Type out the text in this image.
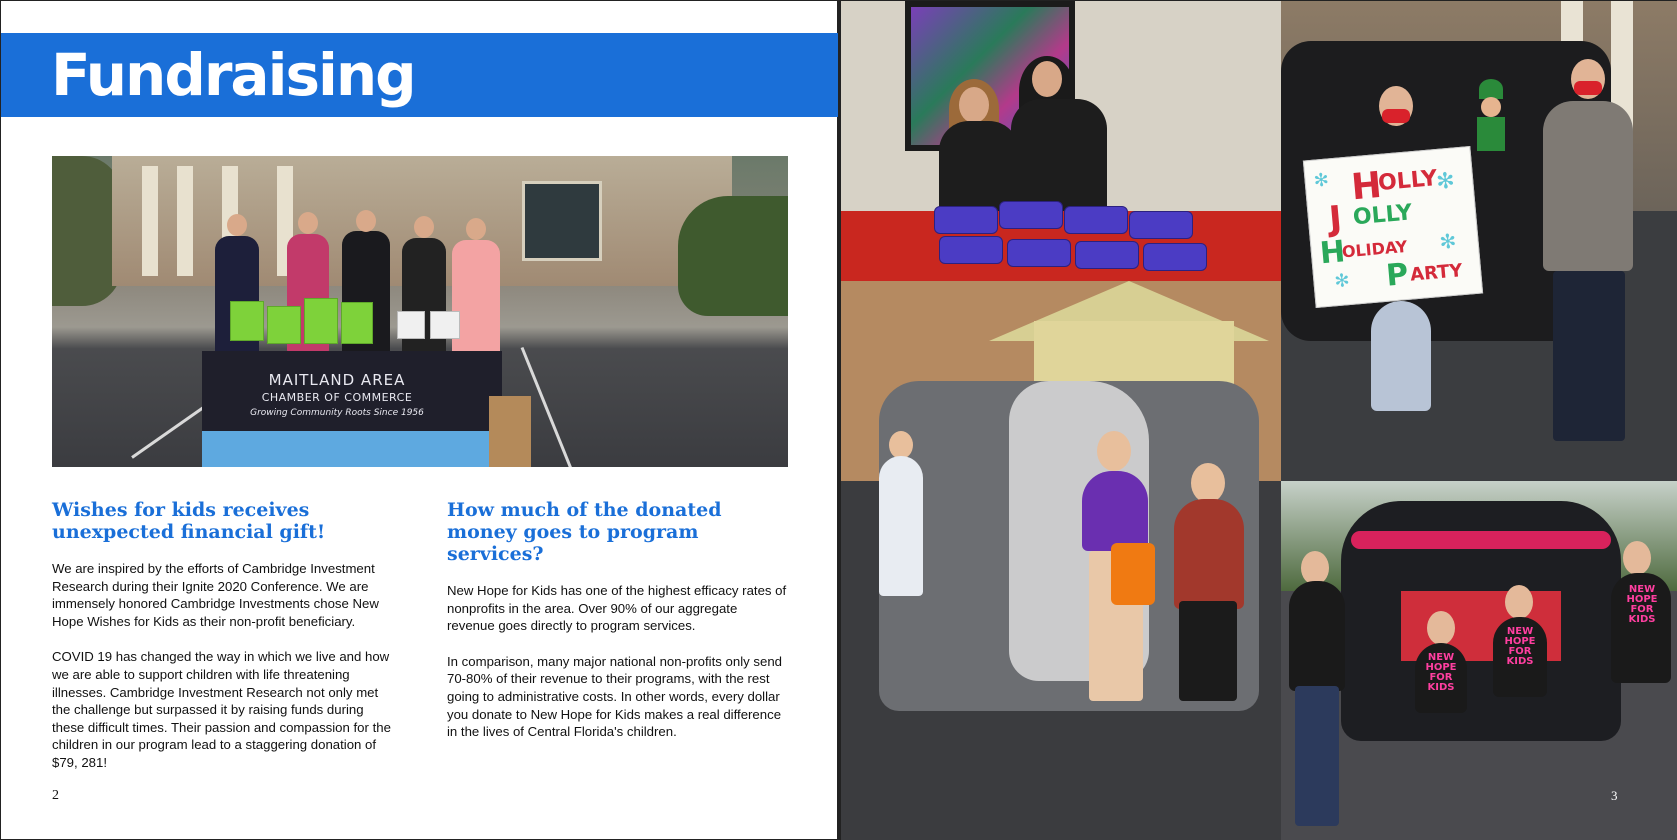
Fundraising
MAITLAND AREA
CHAMBER OF COMMERCE
Growing Community Roots Since 1956
Wishes for kids receives unexpected financial gift!

We are inspired by the efforts of Cambridge Investment Research during their Ignite 2020 Conference. We are immensely honored Cambridge Investments chose New Hope Wishes for Kids as their non-profit beneficiary.

COVID 19 has changed the way in which we live and how we are able to support children with life threatening illnesses. Cambridge Investment Research not only met the challenge but surpassed it by raising funds during these difficult times. Their passion and compassion for the children in our program lead to a staggering donation of $79, 281!

How much of the donated money goes to program services?

New Hope for Kids has one of the highest efficacy rates of nonprofits in the area. Over 90% of our aggregate revenue goes directly to program services.

In comparison, many major national non-profits only send 70-80% of their revenue to their programs, with the rest going to administrative costs. In other words, every dollar you donate to New Hope for Kids makes a real difference in the lives of Central Florida's children.

2
H
OLLY
J OLLY
H
OLIDAY
P ARTY
✻
✻
✻
✻
NEW HOPE FOR KIDS
NEW HOPE FOR KIDS
NEW HOPE FOR KIDS
3
